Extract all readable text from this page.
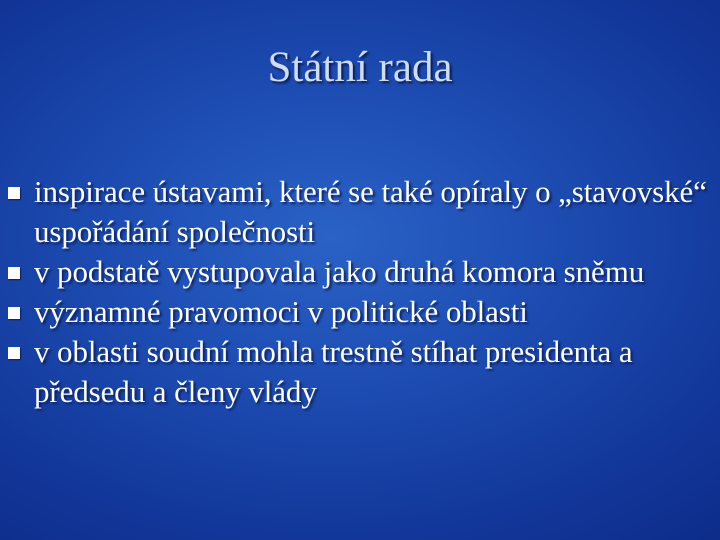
Státní rada
inspirace ústavami, které se také opíraly o „stavovské“ uspořádání společnosti
v podstatě vystupovala jako druhá komora sněmu
významné pravomoci v politické oblasti
v oblasti soudní mohla trestně stíhat presidenta a předsedu a členy vlády
